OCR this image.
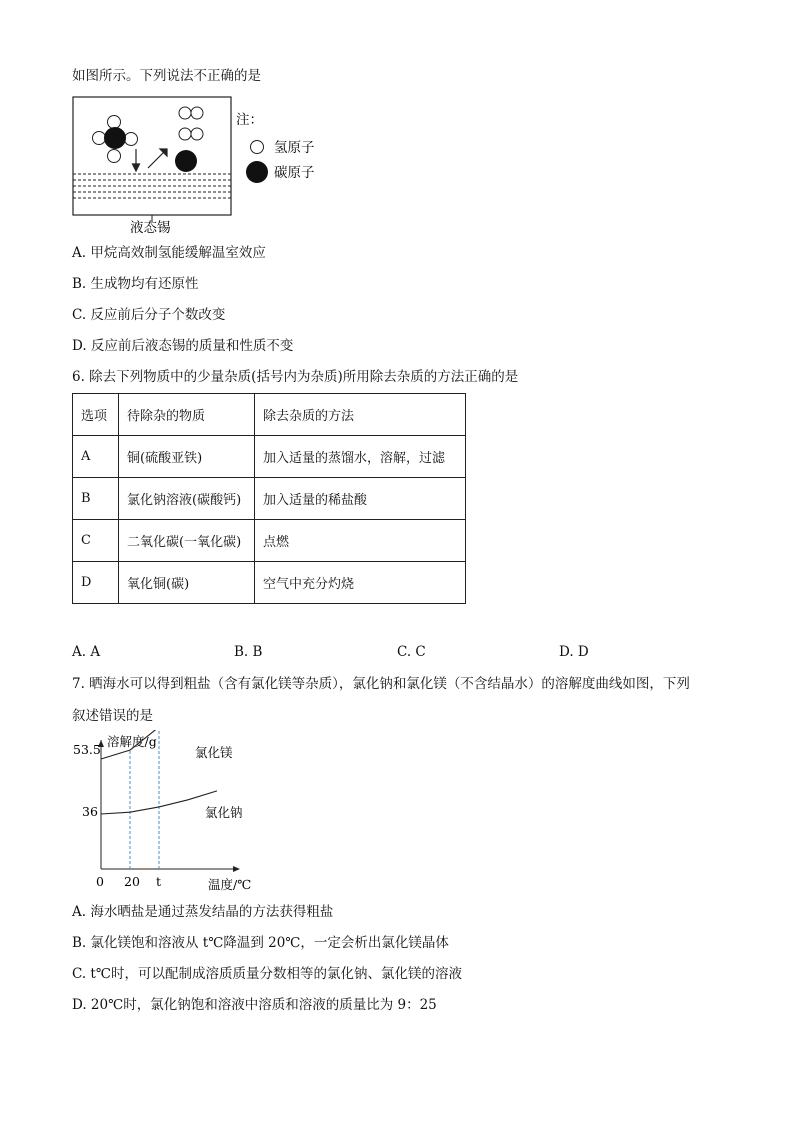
如图所示。下列说法不正确的是
注：
氢原子
碳原子
液态锡
A. 甲烷高效制氢能缓解温室效应
B. 生成物均有还原性
C. 反应前后分子个数改变
D. 反应前后液态锡的质量和性质不变
6. 除去下列物质中的少量杂质(括号内为杂质)所用除去杂质的方法正确的是
选项	待除杂的物质	除去杂质的方法
A	铜(硫酸亚铁)	加入适量的蒸馏水，溶解，过滤
B	氯化钠溶液(碳酸钙)	加入适量的稀盐酸
C	二氧化碳(一氧化碳)	点燃
D	氧化铜(碳)	空气中充分灼烧
A. A	B. B	C. C	D. D
7. 晒海水可以得到粗盐（含有氯化镁等杂质），氯化钠和氯化镁（不含结晶水）的溶解度曲线如图，下列
叙述错误的是
溶解度/g
温度/℃
53.5
36
0 20 t
氯化镁
氯化钠
A. 海水晒盐是通过蒸发结晶的方法获得粗盐
B. 氯化镁饱和溶液从 t℃降温到 20℃，一定会析出氯化镁晶体
C. t℃时，可以配制成溶质质量分数相等的氯化钠、氯化镁的溶液
D. 20℃时，氯化钠饱和溶液中溶质和溶液的质量比为 9：25
